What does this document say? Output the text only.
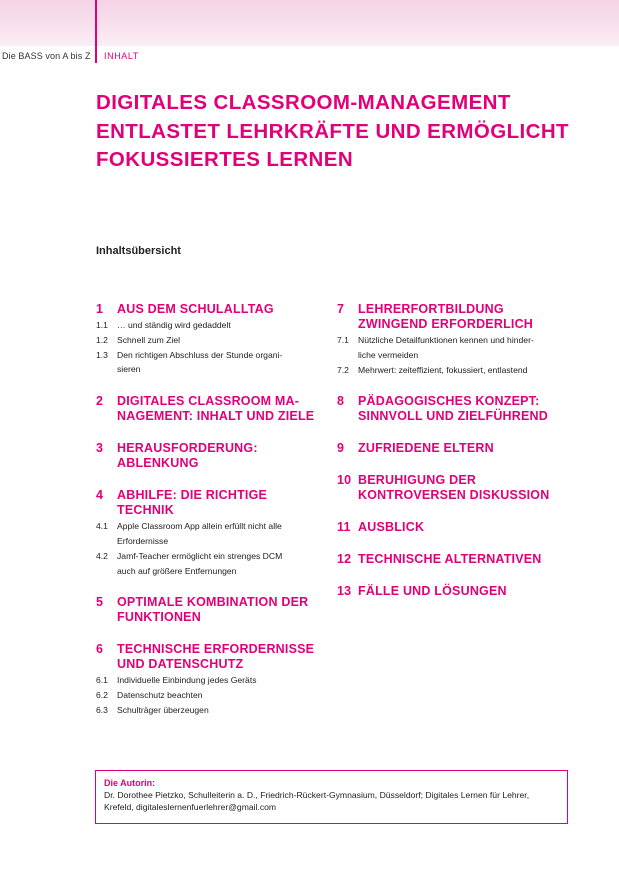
Die BASS von A bis Z INHALT
DIGITALES CLASSROOM-MANAGEMENT
ENTLASTET LEHRKRÄFTE UND ERMÖGLICHT
FOKUSSIERTES LERNEN
Inhaltsübersicht
1	AUS DEM SCHULALLTAG
1.1	… und ständig wird gedaddelt
1.2	Schnell zum Ziel
1.3	Den richtigen Abschluss der Stunde organi-
sieren
2	DIGITALES CLASSROOM MA-
NAGEMENT: INHALT UND ZIELE
3	HERAUSFORDERUNG:
ABLENKUNG
4	ABHILFE: DIE RICHTIGE
TECHNIK
4.1	Apple Classroom App allein erfüllt nicht alle
Erfordernisse
4.2	Jamf-Teacher ermöglicht ein strenges DCM
auch auf größere Entfernungen
5	OPTIMALE KOMBINATION DER
FUNKTIONEN
6	TECHNISCHE ERFORDERNISSE
UND DATENSCHUTZ
6.1	Individuelle Einbindung jedes Geräts
6.2	Datenschutz beachten
6.3	Schulträger überzeugen
7	LEHRERFORTBILDUNG
ZWINGEND ERFORDERLICH
7.1	Nützliche Detailfunktionen kennen und hinder-
liche vermeiden
7.2	Mehrwert: zeiteffizient, fokussiert, entlastend
8	PÄDAGOGISCHES KONZEPT:
SINNVOLL UND ZIELFÜHREND
9	ZUFRIEDENE ELTERN
10 BERUHIGUNG DER
KONTROVERSEN DISKUSSION
11 AUSBLICK
12 TECHNISCHE ALTERNATIVEN
13 FÄLLE UND LÖSUNGEN
Die Autorin:
Dr. Dorothee Pietzko, Schulleiterin a. D., Friedrich-Rückert-Gymnasium, Düsseldorf; Digitales Lernen für Lehrer,
Krefeld, digitaleslernenfuerlehrer@gmail.com
